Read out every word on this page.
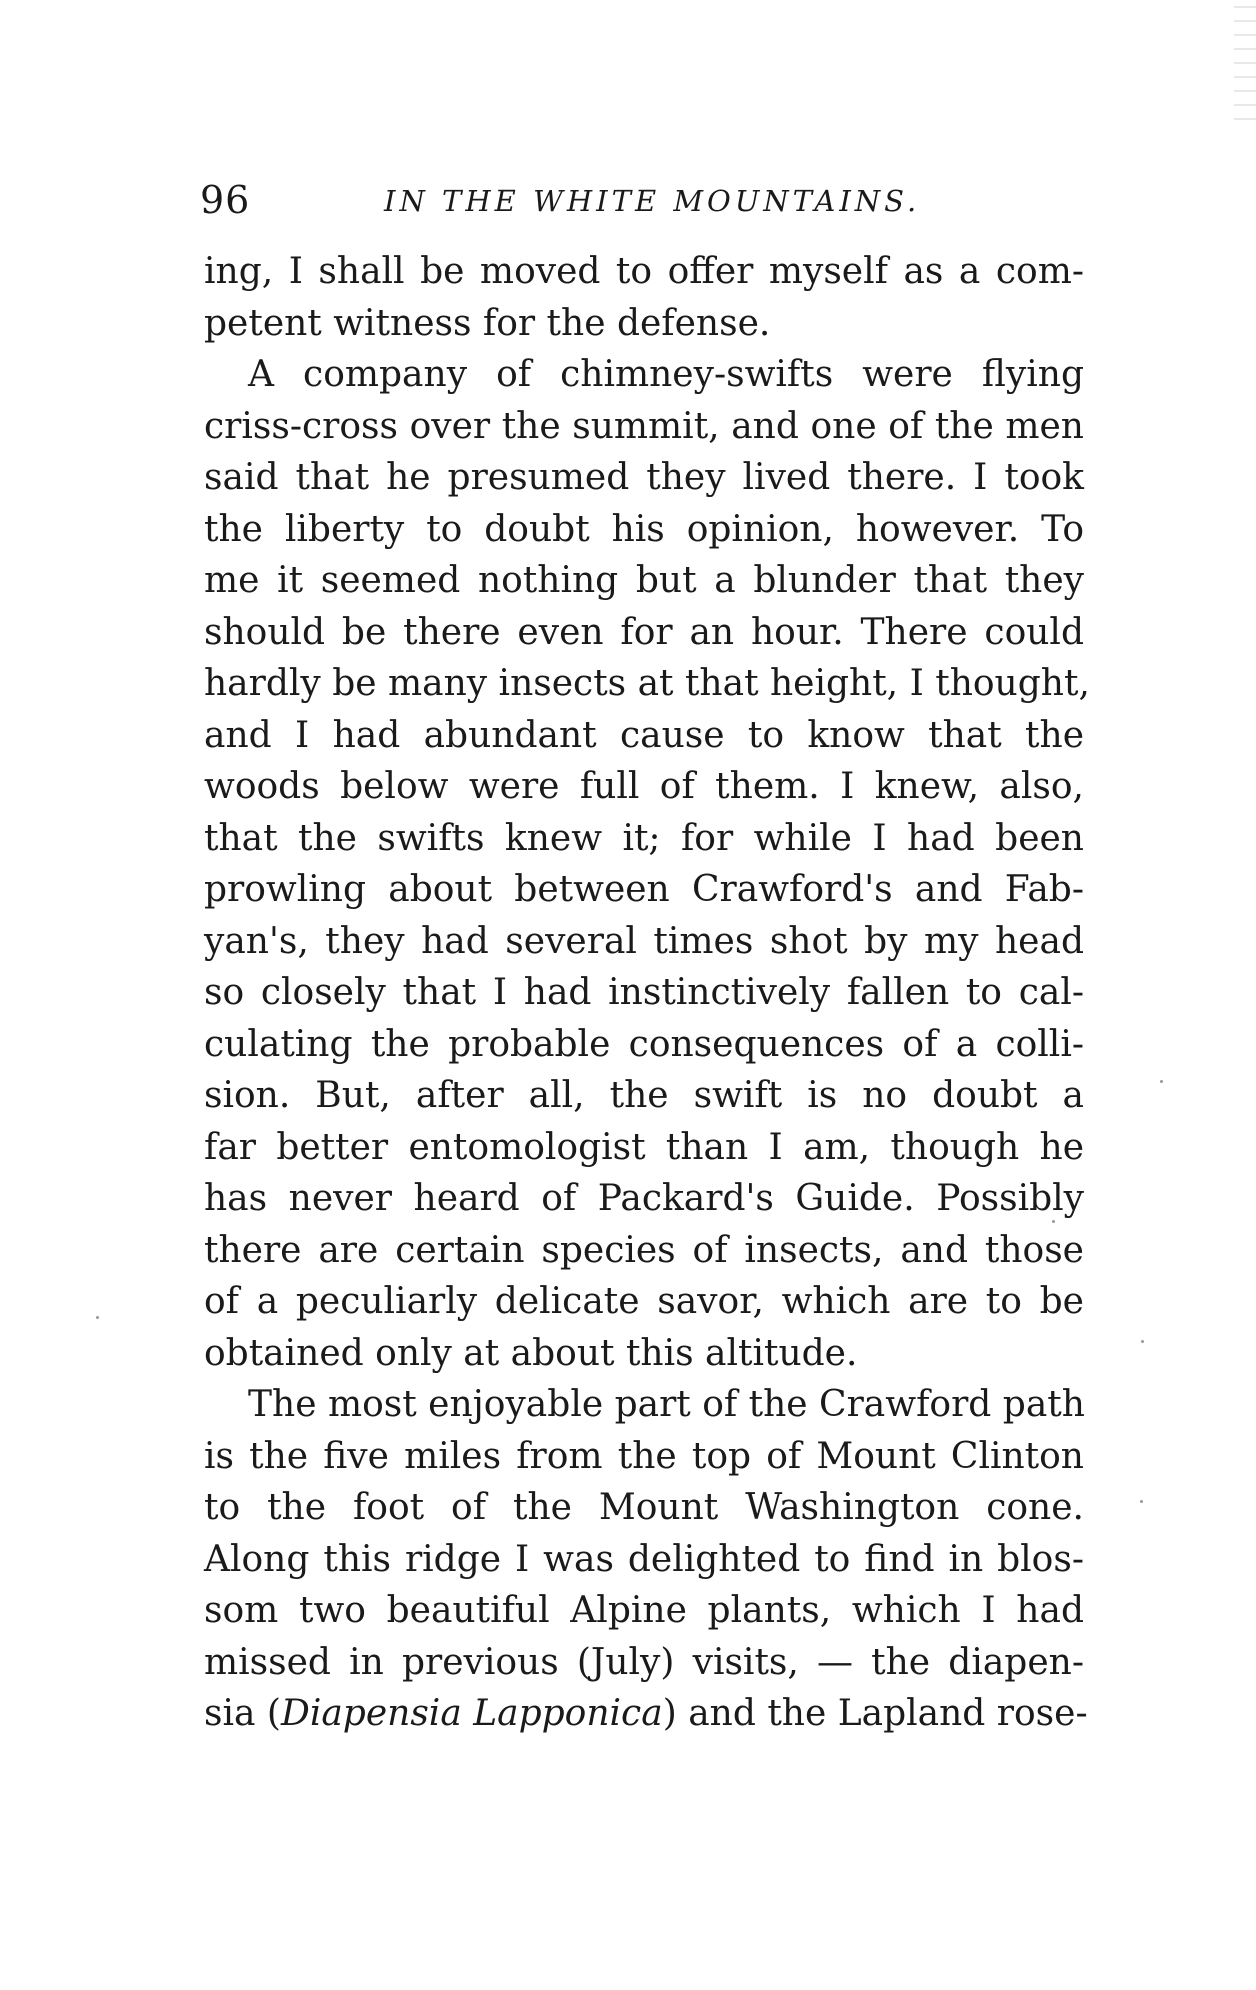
96	IN THE WHITE MOUNTAINS.

ing, I shall be moved to offer myself as a com-
petent witness for the defense.

A company of chimney-swifts were flying
criss-cross over the summit, and one of the men
said that he presumed they lived there. I took
the liberty to doubt his opinion, however. To
me it seemed nothing but a blunder that they
should be there even for an hour. There could
hardly be many insects at that height, I thought,
and I had abundant cause to know that the
woods below were full of them. I knew, also,
that the swifts knew it; for while I had been
prowling about between Crawford's and Fab-
yan's, they had several times shot by my head
so closely that I had instinctively fallen to cal-
culating the probable consequences of a colli-
sion. But, after all, the swift is no doubt a
far better entomologist than I am, though he
has never heard of Packard's Guide. Possibly
there are certain species of insects, and those
of a peculiarly delicate savor, which are to be
obtained only at about this altitude.

The most enjoyable part of the Crawford path
is the five miles from the top of Mount Clinton
to the foot of the Mount Washington cone.
Along this ridge I was delighted to find in blos-
som two beautiful Alpine plants, which I had
missed in previous (July) visits, — the diapen-
sia (Diapensia Lapponica) and the Lapland rose-
